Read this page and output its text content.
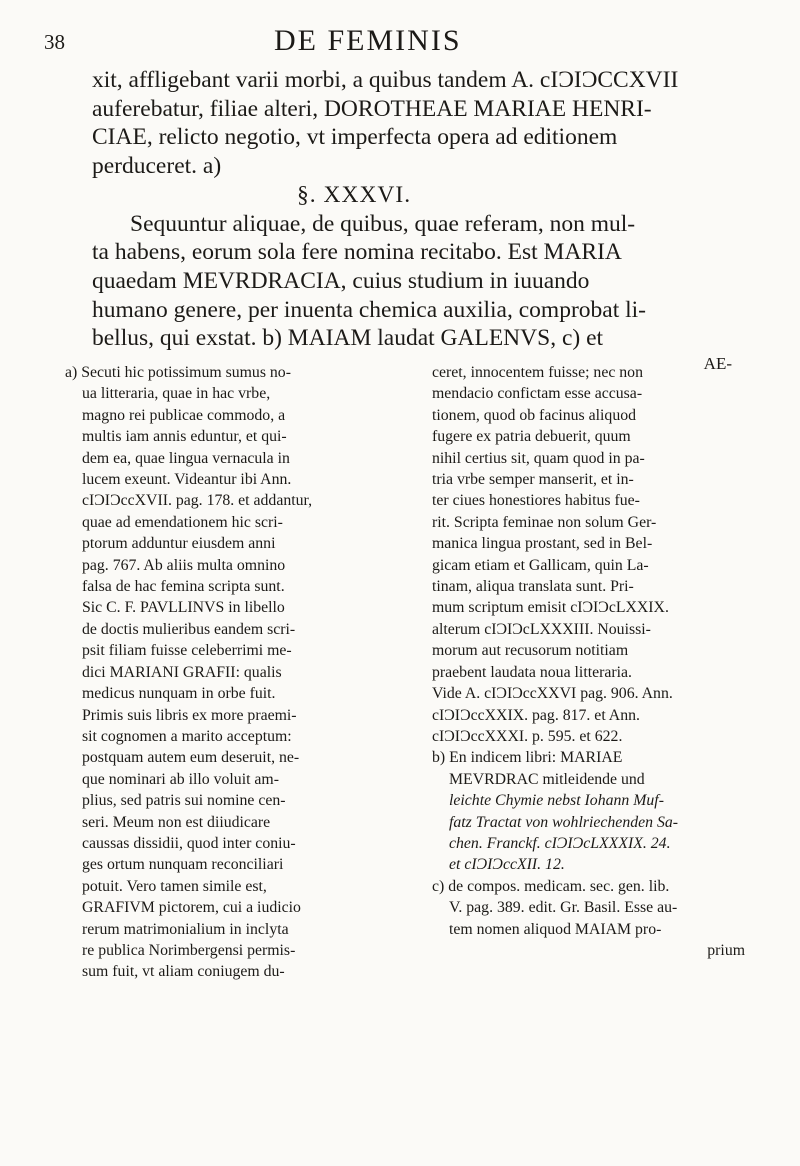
38	DE FEMINIS
xit, affligebant varii morbi, a quibus tandem A. cIƆIƆCCXVII
auferebatur, filiae alteri, DOROTHEAE MARIAE HENRI-
CIAE, relicto negotio, vt imperfecta opera ad editionem
perduceret. a)
§. XXXVI.
Sequuntur aliquae, de quibus, quae referam, non mul-
ta habens, eorum sola fere nomina recitabo. Est MARIA
quaedam MEVRDRACIA, cuius studium in iuuando
humano genere, per inuenta chemica auxilia, comprobat li-
bellus, qui exstat. b) MAIAM laudat GALENVS, c) et
AE-
a) Secuti hic potissimum sumus no-
ua litteraria, quae in hac vrbe,
magno rei publicae commodo, a
multis iam annis eduntur, et qui-
dem ea, quae lingua vernacula in
lucem exeunt. Videantur ibi Ann.
cIƆIƆccXVII. pag. 178. et addantur,
quae ad emendationem hic scri-
ptorum adduntur eiusdem anni
pag. 767. Ab aliis multa omnino
falsa de hac femina scripta sunt.
Sic C. F. PAVLLINVS in libello
de doctis mulieribus eandem scri-
psit filiam fuisse celeberrimi me-
dici MARIANI GRAFII: qualis
medicus nunquam in orbe fuit.
Primis suis libris ex more praemi-
sit cognomen a marito acceptum:
postquam autem eum deseruit, ne-
que nominari ab illo voluit am-
plius, sed patris sui nomine cen-
seri. Meum non est diiudicare
caussas dissidii, quod inter coniu-
ges ortum nunquam reconciliari
potuit. Vero tamen simile est,
GRAFIVM pictorem, cui a iudicio
rerum matrimonialium in inclyta
re publica Norimbergensi permis-
sum fuit, vt aliam coniugem du-
ceret, innocentem fuisse; nec non
mendacio confictam esse accusa-
tionem, quod ob facinus aliquod
fugere ex patria debuerit, quum
nihil certius sit, quam quod in pa-
tria vrbe semper manserit, et in-
ter ciues honestiores habitus fue-
rit. Scripta feminae non solum Ger-
manica lingua prostant, sed in Bel-
gicam etiam et Gallicam, quin La-
tinam, aliqua translata sunt. Pri-
mum scriptum emisit cIƆIƆcLXXIX.
alterum cIƆIƆcLXXXIII. Nouissi-
morum aut recusorum notitiam
praebent laudata noua litteraria.
Vide A. cIƆIƆccXXVI pag. 906. Ann.
cIƆIƆccXXIX. pag. 817. et Ann.
cIƆIƆccXXXI. p. 595. et 622.
b) En indicem libri: MARIAE
MEVRDRAC mitleidende und
leichte Chymie nebst Iohann Muf-
fatz Tractat von wohlriechenden Sa-
chen. Franckf. cIƆIƆcLXXXIX. 24.
et cIƆIƆccXII. 12.
c) de compos. medicam. sec. gen. lib.
V. pag. 389. edit. Gr. Basil. Esse au-
tem nomen aliquod MAIAM pro-
prium
